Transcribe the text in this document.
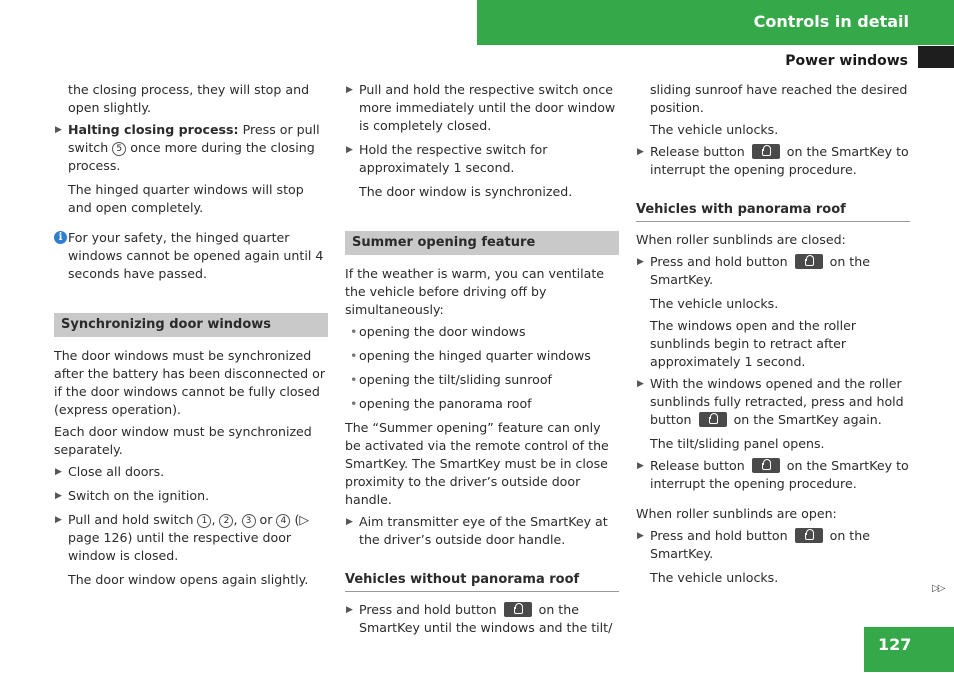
Controls in detail
Power windows

the closing process, they will stop and open slightly.

▶ Halting closing process: Press or pull switch 5 once more during the closing process.

The hinged quarter windows will stop and open completely.

i For your safety, the hinged quarter windows cannot be opened again until 4 seconds have passed.
Synchronizing door windows

The door windows must be synchronized after the battery has been disconnected or if the door windows cannot be fully closed (express operation).

Each door window must be synchronized separately.

▶ Close all doors.
▶ Switch on the ignition.
▶ Pull and hold switch 1 , 2 , 3 or 4 (▷ page 126) until the respective door window is closed.

The door window opens again slightly.

▶ Pull and hold the respective switch once more immediately until the door window is completely closed.
▶ Hold the respective switch for approximately 1 second.

The door window is synchronized.

Summer opening feature

If the weather is warm, you can ventilate the vehicle before driving off by simultaneously:

• opening the door windows
• opening the hinged quarter windows
• opening the tilt/sliding sunroof
• opening the panorama roof

The “Summer opening” feature can only be activated via the remote control of the SmartKey. The SmartKey must be in close proximity to the driver’s outside door handle.

▶ Aim transmitter eye of the SmartKey at the driver’s outside door handle.
Vehicles without panorama roof
▶ Press and hold button	on the SmartKey until the windows and the tilt/

sliding sunroof have reached the desired position.

The vehicle unlocks.

▶ Release button	on the SmartKey to interrupt the opening procedure.
Vehicles with panorama roof

When roller sunblinds are closed:

▶ Press and hold button	on the SmartKey.

The vehicle unlocks.

The windows open and the roller sunblinds begin to retract after approximately 1 second.

▶ With the windows opened and the roller sunblinds fully retracted, press and hold button	on the SmartKey again.

The tilt/sliding panel opens.

▶ Release button	on the SmartKey to interrupt the opening procedure.

When roller sunblinds are open:

▶ Press and hold button	on the SmartKey.

The vehicle unlocks.

▷▷
127
